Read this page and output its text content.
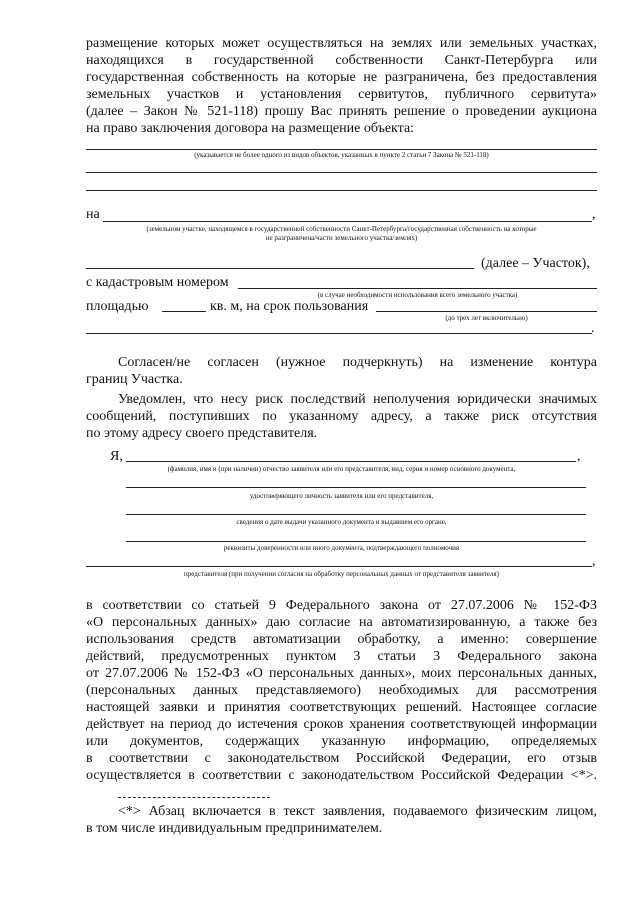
размещение которых может осуществляться на землях или земельных участках,
находящихся в государственной собственности Санкт-Петербурга или
государственная собственность на которые не разграничена, без предоставления
земельных участков и установления сервитутов, публичного сервитута»
(далее – Закон № 521-118) прошу Вас принять решение о проведении аукциона
на право заключения договора на размещение объекта:
(указывается не более одного из видов объектов, указанных в пункте 2 статьи 7 Закона № 521-118)
на	,
(земельном участке, находящемся в государственной собственности Санкт-Петербурга/государственная собственность на которые
не разграничена/части земельного участка/землях)
(далее – Участок),
с кадастровым номером
(в случае необходимости использования всего земельного участка)
площадью	кв. м, на срок пользования
(до трех лет включительно)
.
Согласен/не согласен (нужное подчеркнуть) на изменение контура
границ Участка.
Уведомлен, что несу риск последствий неполучения юридически значимых
сообщений, поступивших по указанному адресу, а также риск отсутствия
по этому адресу своего представителя.
Я,	,
(фамилия, имя и (при наличии) отчество заявителя или его представителя, вид, серия и номер основного документа,
удостоверяющего личность заявителя или его представителя,
сведения о дате выдачи указанного документа и выдавшем его органе,
реквизиты доверенности или иного документа, подтверждающего полномочия
,
представителя (при получении согласия на обработку персональных данных от представителя заявителя)
в соответствии со статьей 9 Федерального закона от 27.07.2006 № 152-ФЗ
«О персональных данных» даю согласие на автоматизированную, а также без
использования средств автоматизации обработку, а именно: совершение
действий, предусмотренных пунктом 3 статьи 3 Федерального закона
от 27.07.2006 № 152-ФЗ «О персональных данных», моих персональных данных,
(персональных данных представляемого) необходимых для рассмотрения
настоящей заявки и принятия соответствующих решений. Настоящее согласие
действует на период до истечения сроков хранения соответствующей информации
или документов, содержащих указанную информацию, определяемых
в соответствии с законодательством Российской Федерации, его отзыв
осуществляется в соответствии с законодательством Российской Федерации <*>.
<*> Абзац включается в текст заявления, подаваемого физическим лицом,
в том числе индивидуальным предпринимателем.
